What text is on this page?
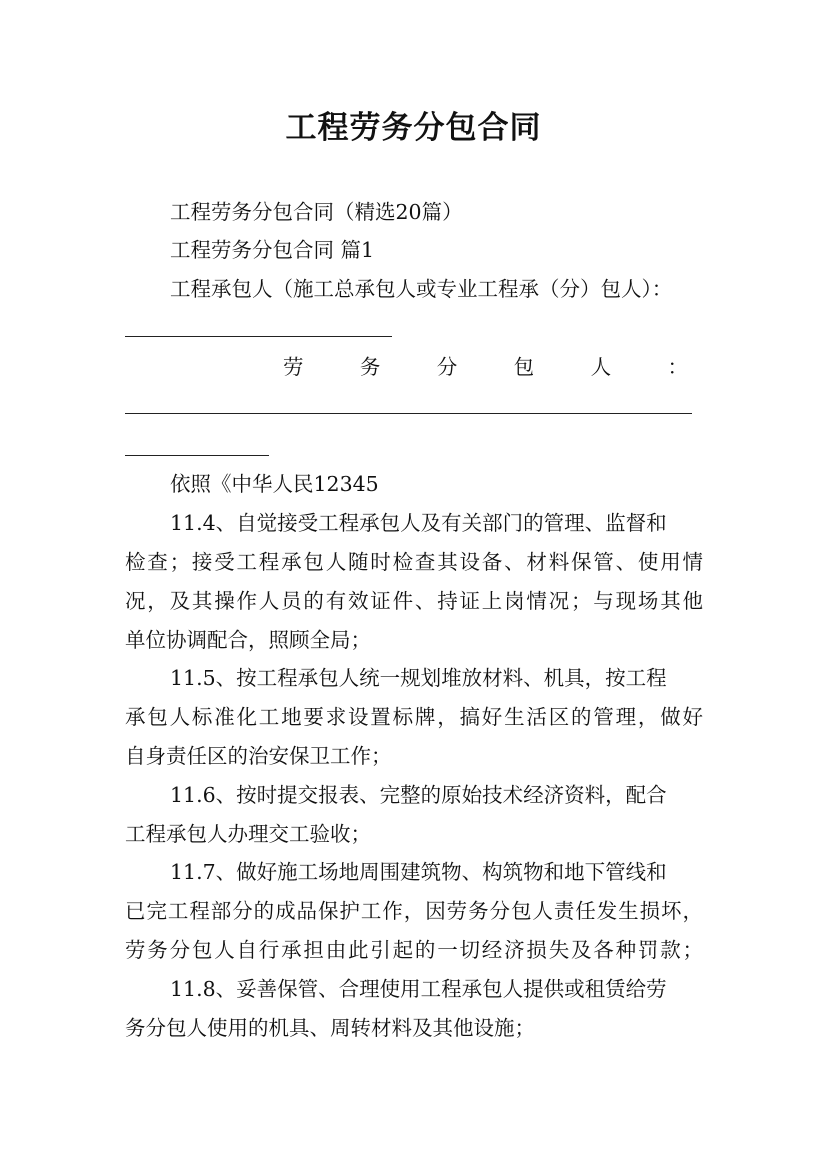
工程劳务分包合同
工程劳务分包合同（精选20篇）
工程劳务分包合同 篇1
工程承包人（施工总承包人或专业工程承（分）包人）：
劳	务	分	包	人	：
依照《中华人民12345
11.4、自觉接受工程承包人及有关部门的管理、监督和
检查；接受工程承包人随时检查其设备、材料保管、使用情
况，及其操作人员的有效证件、持证上岗情况；与现场其他
单位协调配合，照顾全局；
11.5、按工程承包人统一规划堆放材料、机具，按工程
承包人标准化工地要求设置标牌，搞好生活区的管理，做好
自身责任区的治安保卫工作；
11.6、按时提交报表、完整的原始技术经济资料，配合
工程承包人办理交工验收；
11.7、做好施工场地周围建筑物、构筑物和地下管线和
已完工程部分的成品保护工作，因劳务分包人责任发生损坏，
劳务分包人自行承担由此引起的一切经济损失及各种罚款；
11.8、妥善保管、合理使用工程承包人提供或租赁给劳
务分包人使用的机具、周转材料及其他设施；
